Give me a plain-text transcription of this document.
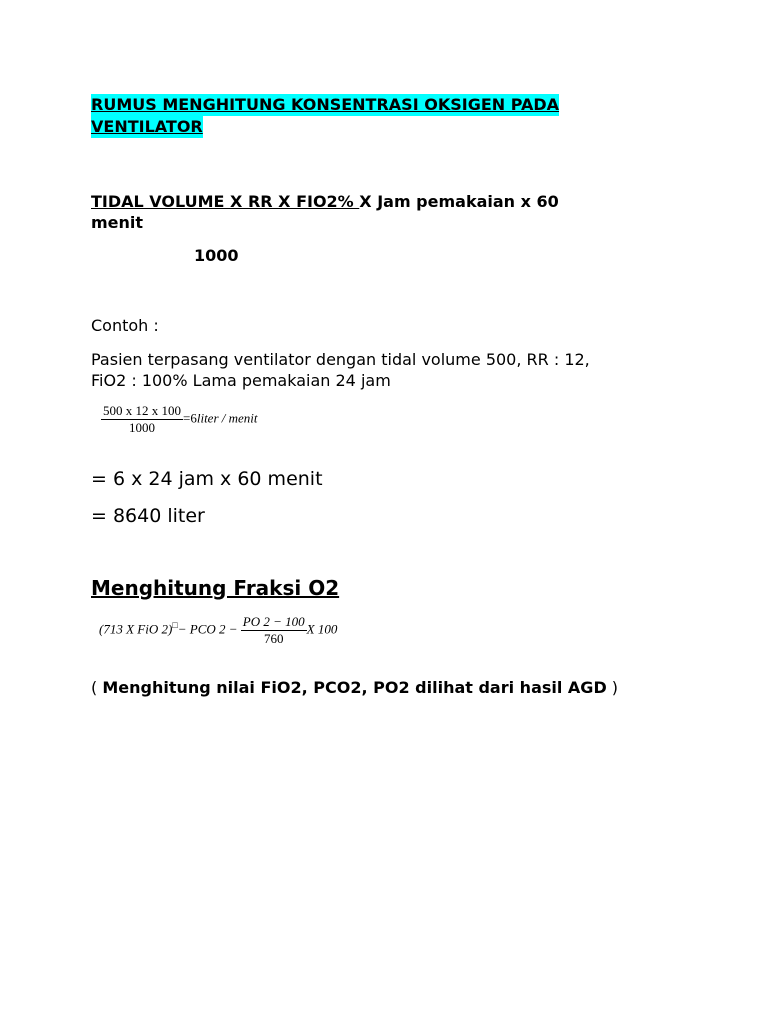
RUMUS MENGHITUNG KONSENTRASI OKSIGEN PADA
VENTILATOR
TIDAL VOLUME X RR X FIO2% X Jam pemakaian x 60
menit
1000
Contoh :
Pasien terpasang ventilator dengan tidal volume 500, RR : 12,
FiO2 : 100% Lama pemakaian 24 jam
$\frac{500 x 12 x 100}{1000}$ =6liter / menit
= 6 x 24 jam x 60 menit
= 8640 liter
Menghitung Fraksi O2
(713 X FiO 2)□− PCO $2 - \frac{PO 2 - 100}{760}$ X 100
( Menghitung nilai FiO2, PCO2, PO2 dilihat dari hasil AGD )
